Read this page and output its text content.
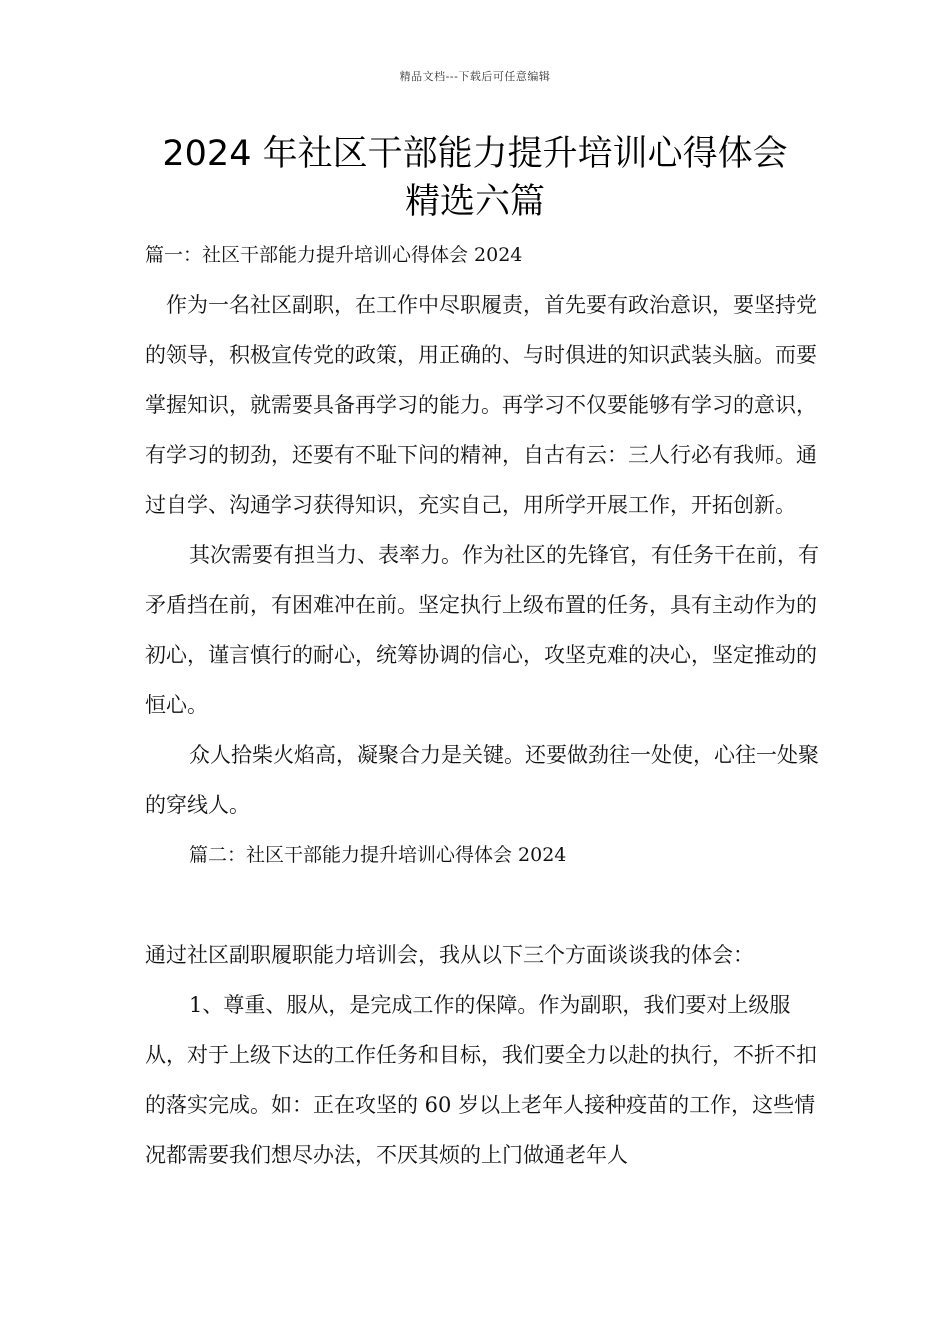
精品文档---下载后可任意编辑
2024 年社区干部能力提升培训心得体会
精选六篇

篇一：社区干部能力提升培训心得体会 2024

作为一名社区副职，在工作中尽职履责，首先要有政治意识，要坚持党的领导，积极宣传党的政策，用正确的、与时俱进的知识武装头脑。而要掌握知识，就需要具备再学习的能力。再学习不仅要能够有学习的意识，有学习的韧劲，还要有不耻下问的精神，自古有云：三人行必有我师。通过自学、沟通学习获得知识，充实自己，用所学开展工作，开拓创新。

其次需要有担当力、表率力。作为社区的先锋官，有任务干在前，有矛盾挡在前，有困难冲在前。坚定执行上级布置的任务，具有主动作为的初心，谨言慎行的耐心，统筹协调的信心，攻坚克难的决心，坚定推动的恒心。

众人拾柴火焰高，凝聚合力是关键。还要做劲往一处使，心往一处聚的穿线人。

篇二：社区干部能力提升培训心得体会 2024

通过社区副职履职能力培训会，我从以下三个方面谈谈我的体会：

1、尊重、服从，是完成工作的保障。作为副职，我们要对上级服从，对于上级下达的工作任务和目标，我们要全力以赴的执行，不折不扣的落实完成。如：正在攻坚的 60 岁以上老年人接种疫苗的工作，这些情况都需要我们想尽办法，不厌其烦的上门做通老年人
